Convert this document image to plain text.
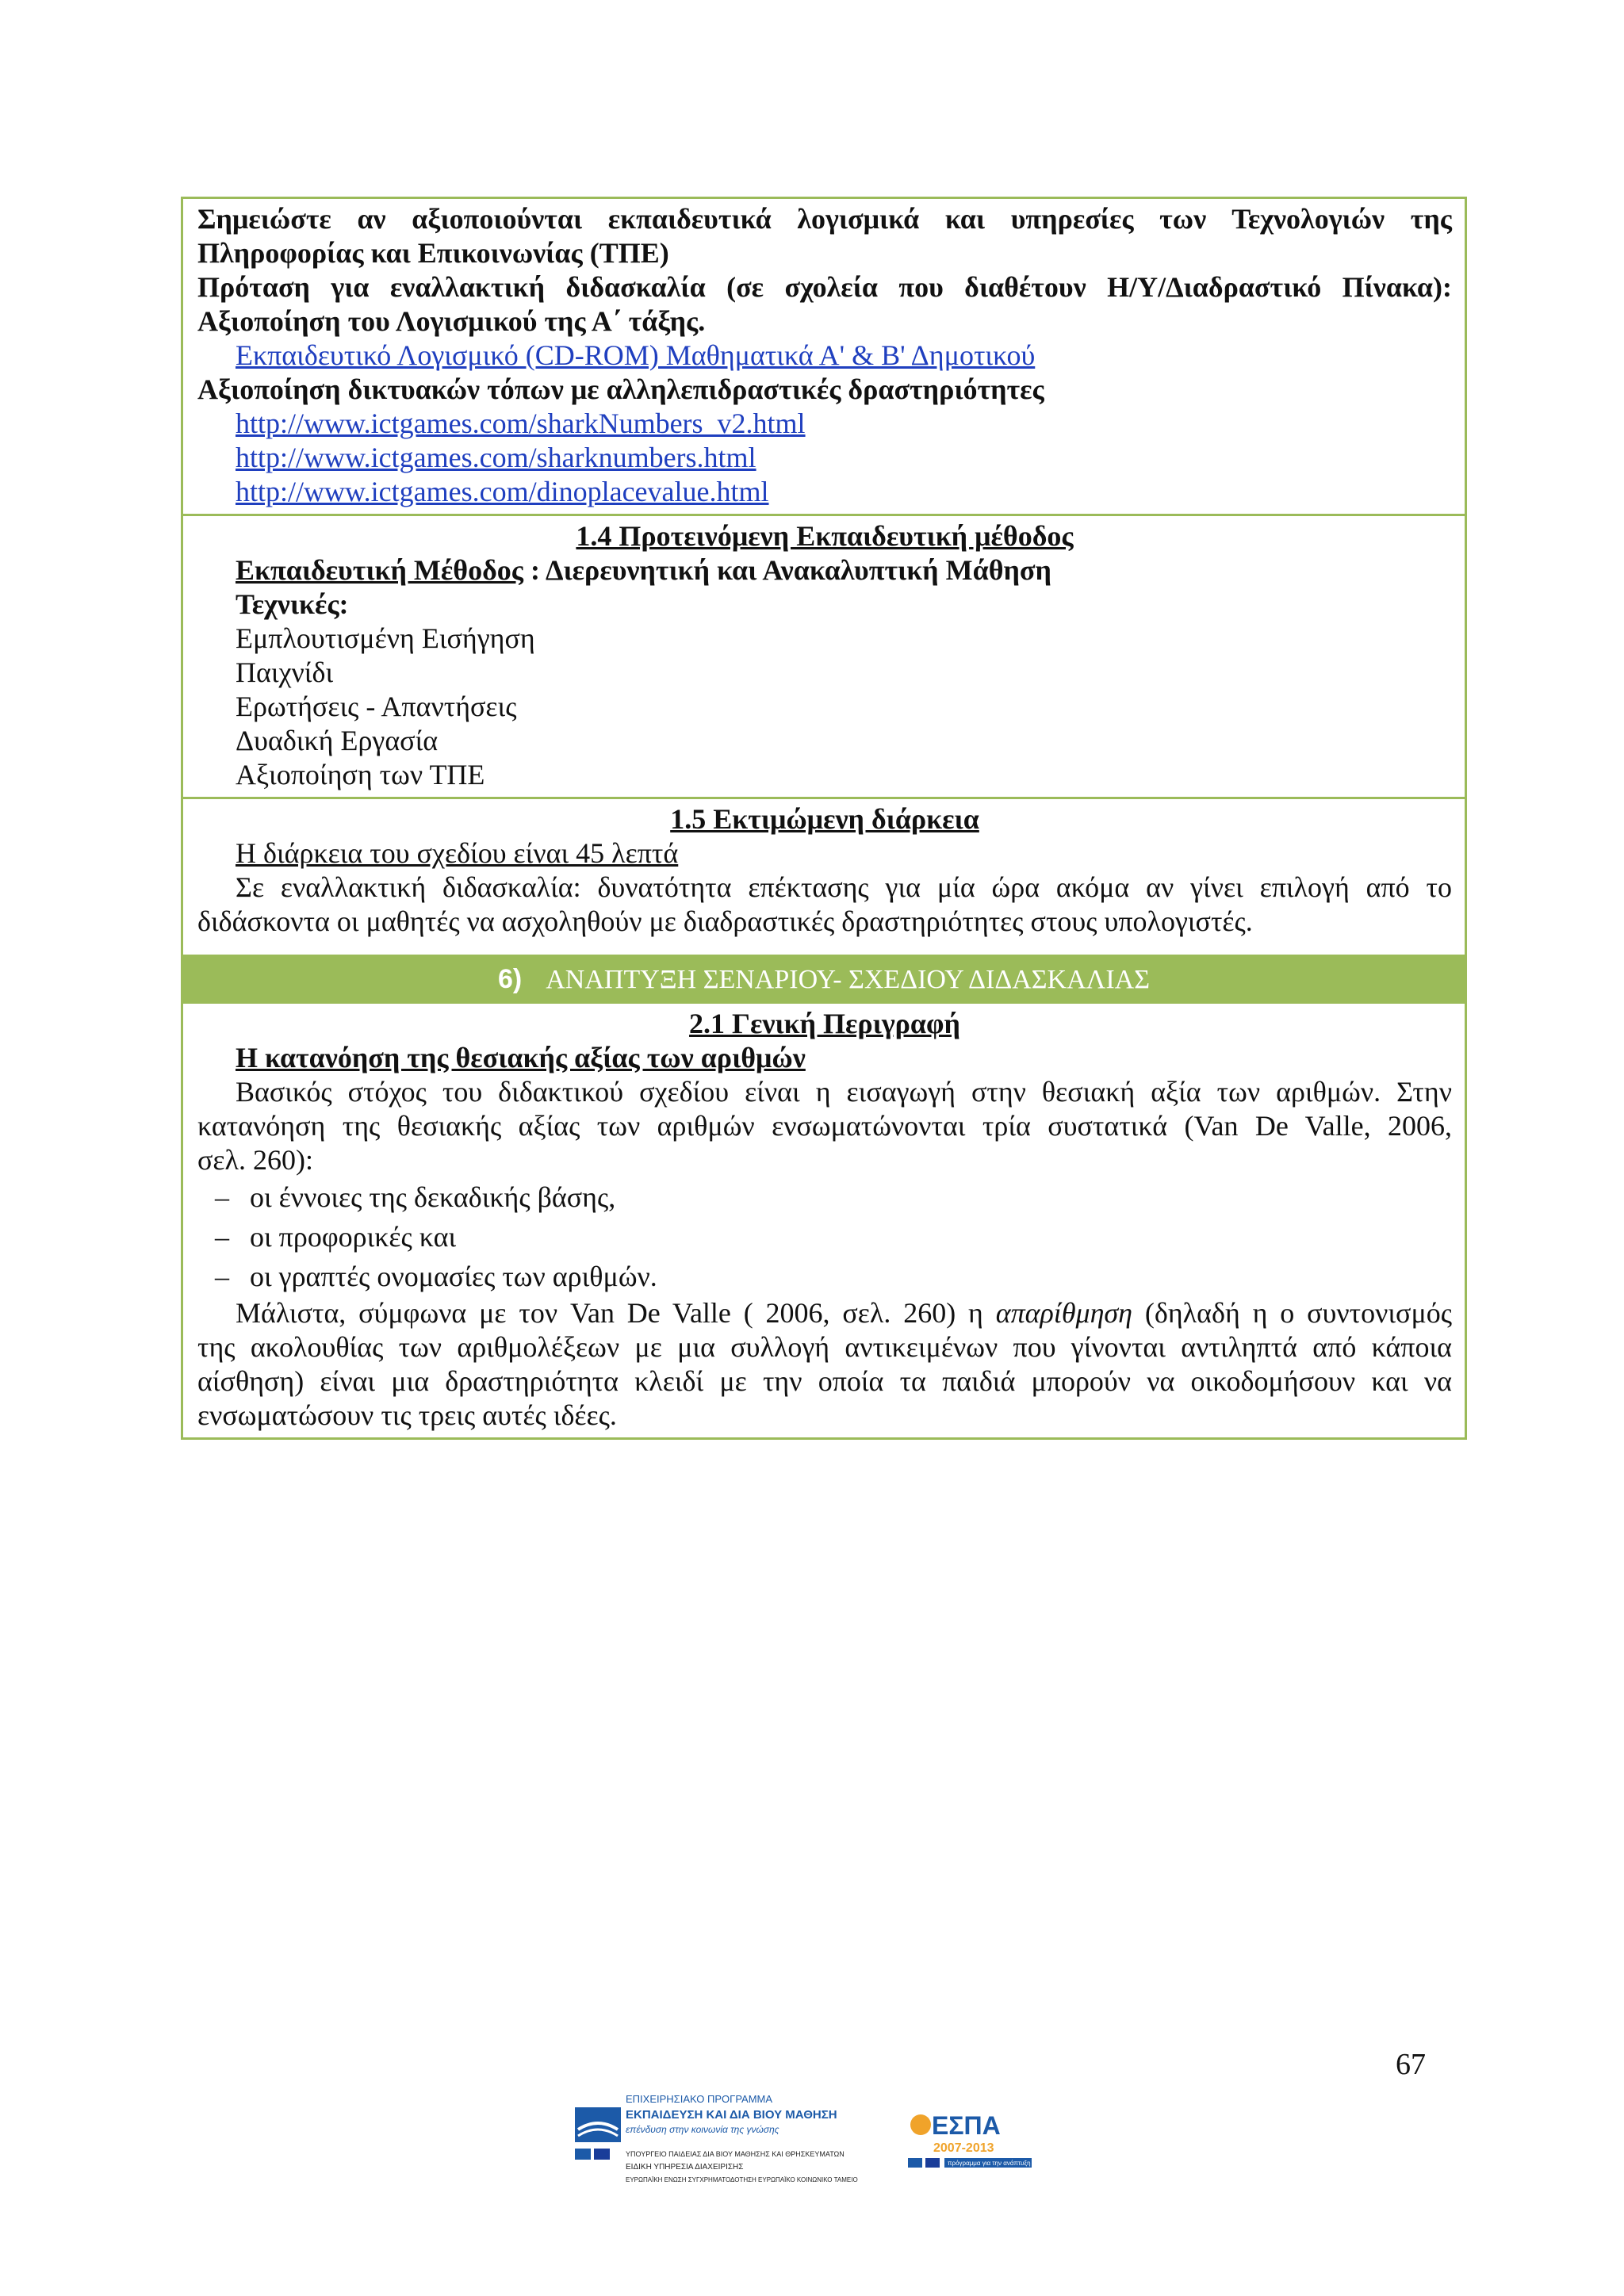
Σημειώστε αν αξιοποιούνται εκπαιδευτικά λογισμικά και υπηρεσίες των Τεχνολογιών της
Πληροφορίας και Επικοινωνίας (ΤΠΕ)
Πρόταση για εναλλακτική διδασκαλία (σε σχολεία που διαθέτουν Η/Υ/Διαδραστικό Πίνακα):
Αξιοποίηση του Λογισμικού της Α΄ τάξης.
Εκπαιδευτικό Λογισμικό (CD-ROM) Μαθηματικά Α' & Β' Δημοτικού
Αξιοποίηση δικτυακών τόπων με αλληλεπιδραστικές δραστηριότητες
http://www.ictgames.com/sharkNumbers_v2.html
http://www.ictgames.com/sharknumbers.html
http://www.ictgames.com/dinoplacevalue.html
1.4 Προτεινόμενη Εκπαιδευτική μέθοδος
Εκπαιδευτική Μέθοδος : Διερευνητική και Ανακαλυπτική Μάθηση
Τεχνικές:
Εμπλουτισμένη Εισήγηση
Παιχνίδι
Ερωτήσεις - Απαντήσεις
Δυαδική Εργασία
Αξιοποίηση των ΤΠΕ
1.5 Εκτιμώμενη διάρκεια
Η διάρκεια του σχεδίου είναι 45 λεπτά
Σε εναλλακτική διδασκαλία: δυνατότητα επέκτασης για μία ώρα ακόμα αν γίνει επιλογή από το
διδάσκοντα οι μαθητές να ασχοληθούν με διαδραστικές δραστηριότητες στους υπολογιστές.
6) ΑΝΑΠΤΥΞΗ ΣΕΝΑΡΙΟΥ- ΣΧΕΔΙΟΥ ΔΙΔΑΣΚΑΛΙΑΣ
2.1 Γενική Περιγραφή
Η κατανόηση της θεσιακής αξίας των αριθμών
Βασικός στόχος του διδακτικού σχεδίου είναι η εισαγωγή στην θεσιακή αξία των αριθμών. Στην
κατανόηση της θεσιακής αξίας των αριθμών ενσωματώνονται τρία συστατικά (Van De Valle, 2006,
σελ. 260):
– οι έννοιες της δεκαδικής βάσης,
– οι προφορικές και
– οι γραπτές ονομασίες των αριθμών.
Μάλιστα, σύμφωνα με τον Van De Valle ( 2006, σελ. 260) η απαρίθμηση (δηλαδή η ο συντονισμός
της ακολουθίας των αριθμολέξεων με μια συλλογή αντικειμένων που γίνονται αντιληπτά από κάποια
αίσθηση) είναι μια δραστηριότητα κλειδί με την οποία τα παιδιά μπορούν να οικοδομήσουν και να
ενσωματώσουν τις τρεις αυτές ιδέες.
67
ΕΠΙΧΕΙΡΗΣΙΑΚΟ ΠΡΟΓΡΑΜΜΑ
ΕΚΠΑΙΔΕΥΣΗ ΚΑΙ ΔΙΑ ΒΙΟΥ ΜΑΘΗΣΗ
επένδυση στην κοινωνία της γνώσης
ΥΠΟΥΡΓΕΙΟ ΠΑΙΔΕΙΑΣ ΔΙΑ ΒΙΟΥ ΜΑΘΗΣΗΣ ΚΑΙ ΘΡΗΣΚΕΥΜΑΤΩΝ
ΕΙΔΙΚΗ ΥΠΗΡΕΣΙΑ ΔΙΑΧΕΙΡΙΣΗΣ
ΕΥΡΩΠΑΪΚΗ ΕΝΩΣΗ ΣΥΓΧΡΗΜΑΤΟΔΟΤΗΣΗ ΕΥΡΩΠΑΪΚΟ ΚΟΙΝΩΝΙΚΟ ΤΑΜΕΙΟ
ΕΣΠΑ
2007-2013
πρόγραμμα για την ανάπτυξη
